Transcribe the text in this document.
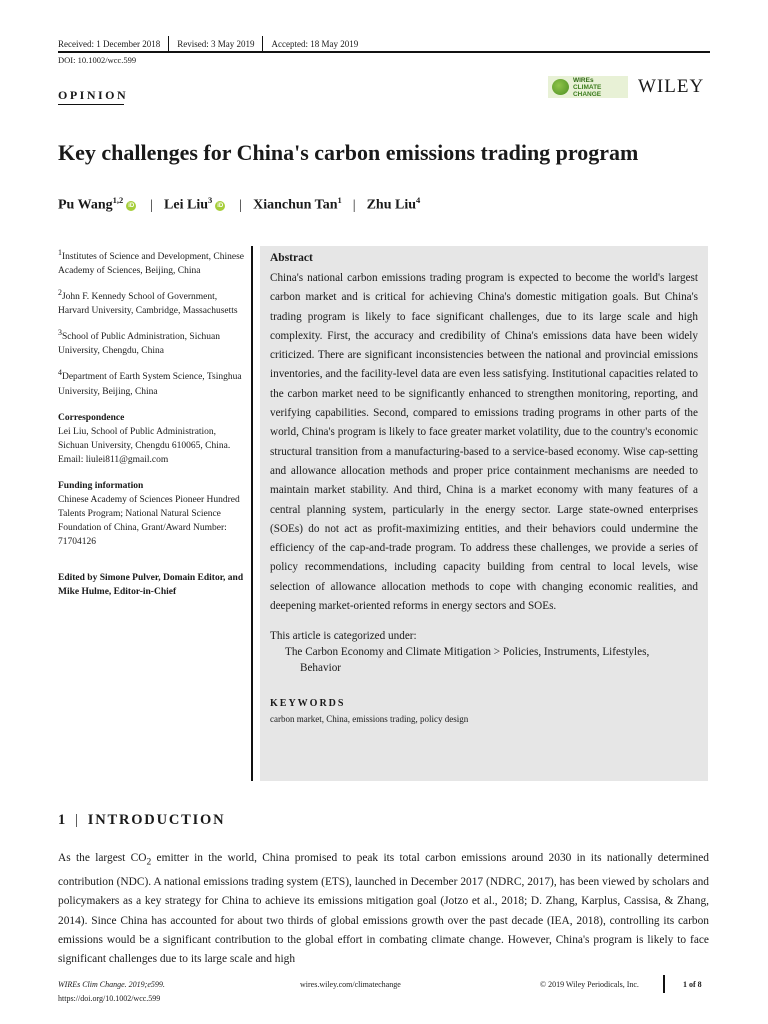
Received: 1 December 2018 Revised: 3 May 2019 Accepted: 18 May 2019
DOI: 10.1002/wcc.599
OPINION
WIREs
CLIMATE CHANGE	WILEY
Key challenges for China's carbon emissions trading program
Pu Wang$^{1,2}$iD | Lei Liu$^3$iD | Xianchun Tan$^1$ | Zhu Liu$^4$

$^1$Institutes of Science and Development, Chinese Academy of Sciences, Beijing, China

$^2$John F. Kennedy School of Government, Harvard University, Cambridge, Massachusetts

$^3$School of Public Administration, Sichuan University, Chengdu, China

$^4$Department of Earth System Science, Tsinghua University, Beijing, China

Correspondence
Lei Liu, School of Public Administration, Sichuan University, Chengdu 610065, China.
Email: liulei811@gmail.com
Funding information
Chinese Academy of Sciences Pioneer Hundred Talents Program; National Natural Science Foundation of China, Grant/Award Number: 71704126
Edited by Simone Pulver, Domain Editor, and Mike Hulme, Editor-in-Chief
Abstract

China's national carbon emissions trading program is expected to become the world's largest carbon market and is critical for achieving China's domestic mitigation goals. But China's trading program is likely to face significant challenges, due to its large scale and high complexity. First, the accuracy and credibility of China's emissions data have been widely criticized. There are significant inconsistencies between the national and provincial emissions inventories, and the facility-level data are even less satisfying. Institutional capacities related to the carbon market need to be significantly enhanced to strengthen monitoring, reporting, and verifying capabilities. Second, compared to emissions trading programs in other parts of the world, China's program is likely to face greater market volatility, due to the country's economic structural transition from a manufacturing-based to a service-based economy. Wise cap-setting and allowance allocation methods and proper price containment mechanisms are needed to maintain market stability. And third, China is a market economy with many features of a central planning system, particularly in the energy sector. Large state-owned enterprises (SOEs) do not act as profit-maximizing entities, and their behaviors could undermine the efficiency of the cap-and-trade program. To address these challenges, we provide a series of policy recommendations, including capacity building from central to local levels, wise selection of allowance allocation methods to cope with changing economic realities, and deepening market-oriented reforms in energy sectors and SOEs.

This article is categorized under:
The Carbon Economy and Climate Mitigation > Policies, Instruments, Lifestyles,
Behavior
KEYWORDS
carbon market, China, emissions trading, policy design
1 | INTRODUCTION

As the largest $CO_2$ emitter in the world, China promised to peak its total carbon emissions around 2030 in its nationally determined contribution (NDC). A national emissions trading system (ETS), launched in December 2017 (NDRC, 2017), has been viewed by scholars and policymakers as a key strategy for China to achieve its emissions mitigation goal (Jotzo et al., 2018; D. Zhang, Karplus, Cassisa, & Zhang, 2014). Since China has accounted for about two thirds of global emissions growth over the past decade (IEA, 2018), controlling its carbon emissions would be a significant contribution to the global effort in combating climate change. However, China's program is likely to face significant challenges due to its large scale and high

WIREs Clim Change. 2019;e599.
https://doi.org/10.1002/wcc.599
wires.wiley.com/climatechange	© 2019 Wiley Periodicals, Inc.	1 of 8
